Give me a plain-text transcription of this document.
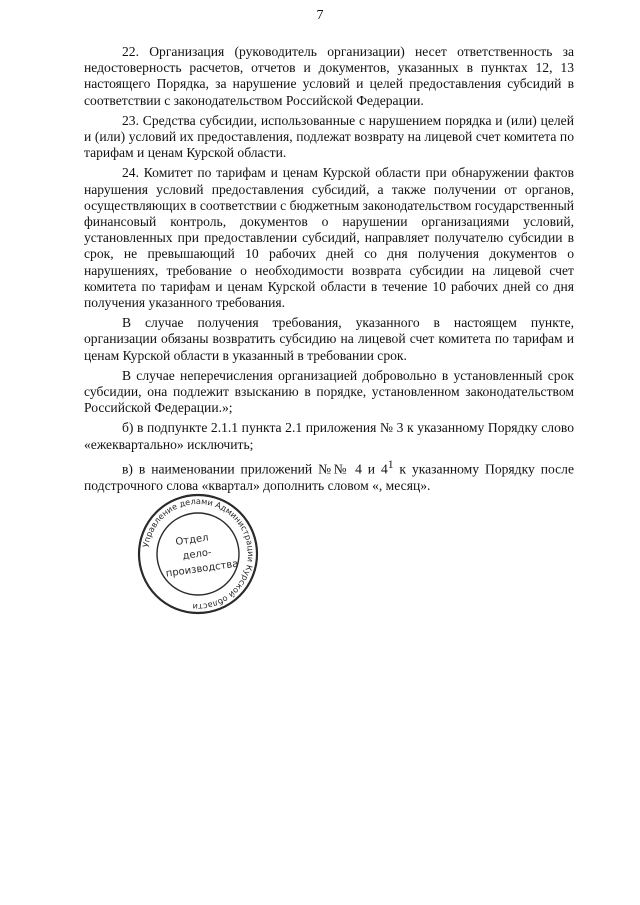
7

22. Организация (руководитель организации) несет ответственность за недостоверность расчетов, отчетов и документов, указанных в пунктах 12, 13 настоящего Порядка, за нарушение условий и целей предоставления субсидий в соответствии с законодательством Российской Федерации.

23. Средства субсидии, использованные с нарушением порядка и (или) целей и (или) условий их предоставления, подлежат возврату на лицевой счет комитета по тарифам и ценам Курской области.

24. Комитет по тарифам и ценам Курской области при обнаружении фактов нарушения условий предоставления субсидий, а также получении от органов, осуществляющих в соответствии с бюджетным законодательством государственный финансовый контроль, документов о нарушении организациями условий, установленных при предоставлении субсидий, направляет получателю субсидии в срок, не превышающий 10 рабочих дней со дня получения документов о нарушениях, требование о необходимости возврата субсидии на лицевой счет комитета по тарифам и ценам Курской области в течение 10 рабочих дней со дня получения указанного требования.

В случае получения требования, указанного в настоящем пункте, организации обязаны возвратить субсидию на лицевой счет комитета по тарифам и ценам Курской области в указанный в требовании срок.

В случае неперечисления организацией добровольно в установленный срок субсидии, она подлежит взысканию в порядке, установленном законодательством Российской Федерации.»;

б) в подпункте 2.1.1 пункта 2.1 приложения № 3 к указанному Порядку слово «ежеквартально» исключить;

в) в наименовании приложений №№ 4 и $4^1$ к указанному Порядку после подстрочного слова «квартал» дополнить словом «, месяц».

Управление делами Администрации Курской области
Отдел
дело-
производства
